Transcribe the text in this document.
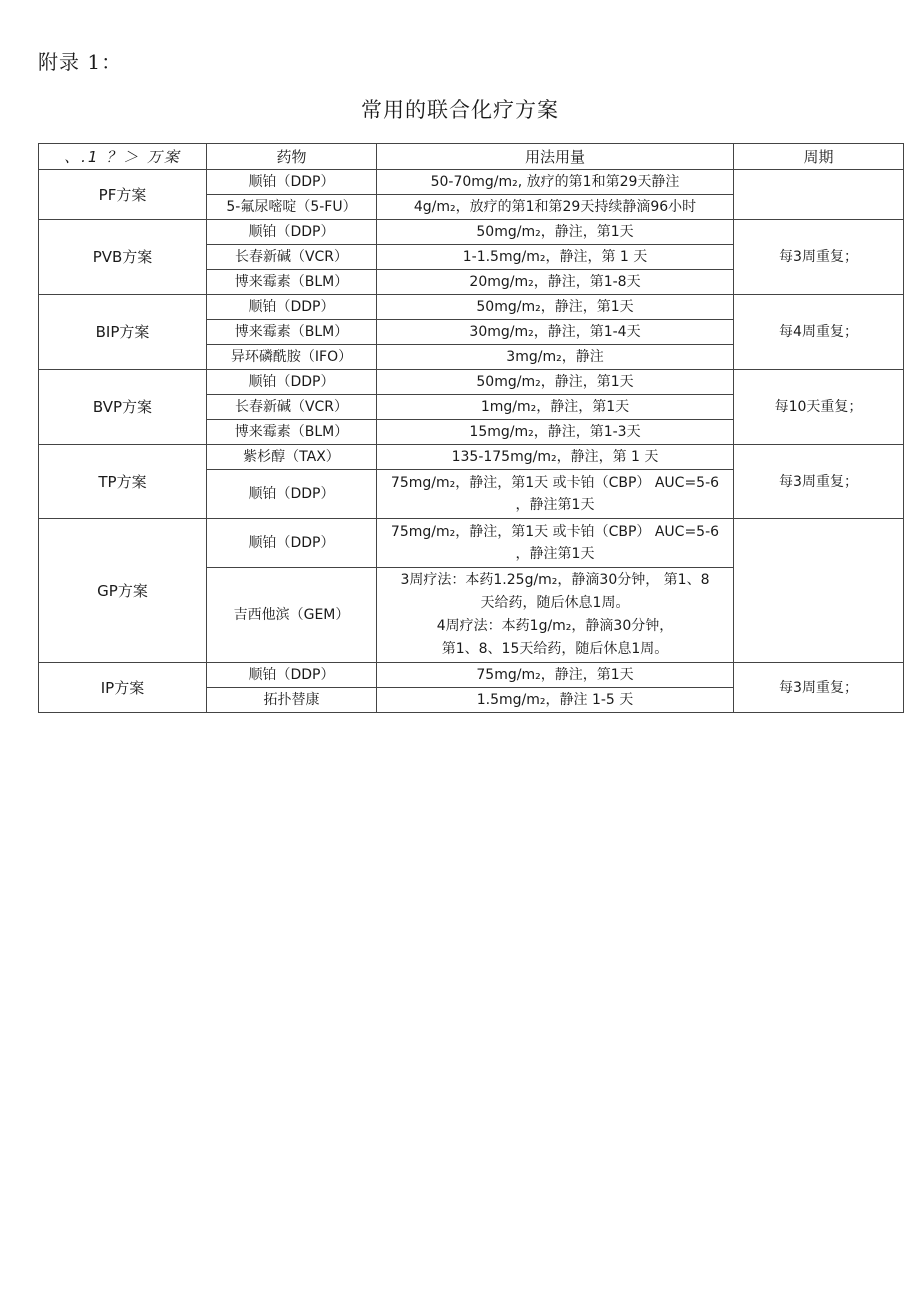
附录 1：
常用的联合化疗方案
、.1 ？＞ 万案	药物	用法用量	周期
PF方案	顺铂（DDP）	50-70mg/m₂, 放疗的第1和第29天静注	
	5-氟尿嘧啶（5-FU）	4g/m₂，放疗的第1和第29天持续静滴96小时	
PVB方案	顺铂（DDP）	50mg/m₂，静注，第1天	每3周重复；
	长春新碱（VCR）	1-1.5mg/m₂，静注，第 1 天	
	博来霉素（BLM）	20mg/m₂，静注，第1-8天	
BIP方案	顺铂（DDP）	50mg/m₂，静注，第1天	每4周重复；
	博来霉素（BLM）	30mg/m₂，静注，第1-4天	
	异环磷酰胺（IFO）	3mg/m₂，静注	
BVP方案	顺铂（DDP）	50mg/m₂，静注，第1天	每10天重复；
	长春新碱（VCR）	1mg/m₂，静注，第1天	
	博来霉素（BLM）	15mg/m₂，静注，第1-3天	
TP方案	紫杉醇（TAX）	135-175mg/m₂，静注，第 1 天	每3周重复；
	顺铂（DDP）	75mg/m₂，静注，第1天 或卡铂（CBP） AUC=5-6
，静注第1天	
GP方案	顺铂（DDP）	75mg/m₂，静注，第1天 或卡铂（CBP） AUC=5-6
，静注第1天	
	吉西他滨（GEM）	3周疗法：本药1.25g/m₂，静滴30分钟， 第1、8
天给药，随后休息1周。
4周疗法：本药1g/m₂，静滴30分钟，
第1、8、15天给药，随后休息1周。	
IP方案	顺铂（DDP）	75mg/m₂，静注，第1天	每3周重复；
	拓扑替康	1.5mg/m₂，静注 1-5 天	
